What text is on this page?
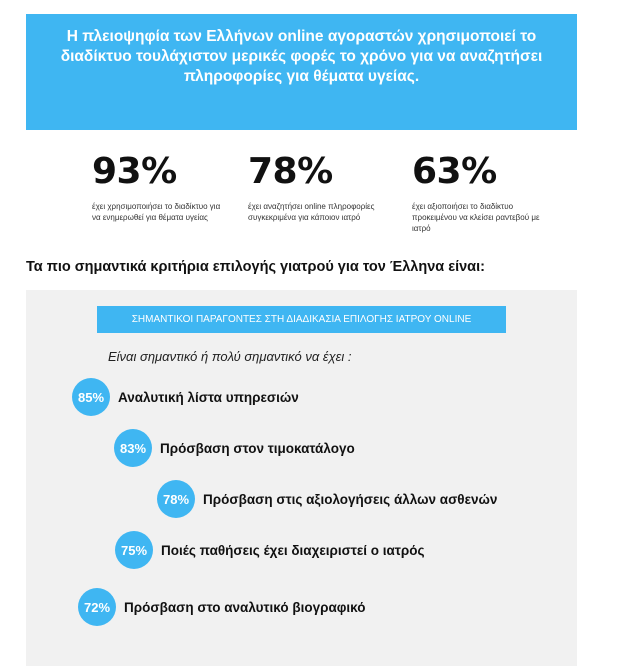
Η πλειοψηφία των Ελλήνων online αγοραστών χρησιμοποιεί το διαδίκτυο τουλάχιστον μερικές φορές το χρόνο για να αναζητήσει πληροφορίες για θέματα υγείας.
93%
έχει χρησιμοποιήσει το διαδίκτυο για να ενημερωθεί για θέματα υγείας
78%
έχει αναζητήσει online πληροφορίες συγκεκριμένα για κάποιον ιατρό
63%
έχει αξιοποιήσει το διαδίκτυο προκειμένου να κλείσει ραντεβού με ιατρό
Τα πιο σημαντικά κριτήρια επιλογής γιατρού για τον Έλληνα είναι:
ΣΗΜΑΝΤΙΚΟΙ ΠΑΡΑΓΟΝΤΕΣ ΣΤΗ ΔΙΑΔΙΚΑΣΙΑ ΕΠΙΛΟΓΗΣ ΙΑΤΡΟΥ ONLINE
Είναι σημαντικό ή πολύ σημαντικό να έχει :
85%	Αναλυτική λίστα υπηρεσιών
83%	Πρόσβαση στον τιμοκατάλογο
78%	Πρόσβαση στις αξιολογήσεις άλλων ασθενών
75%	Ποιές παθήσεις έχει διαχειριστεί ο ιατρός
72%	Πρόσβαση στο αναλυτικό βιογραφικό
